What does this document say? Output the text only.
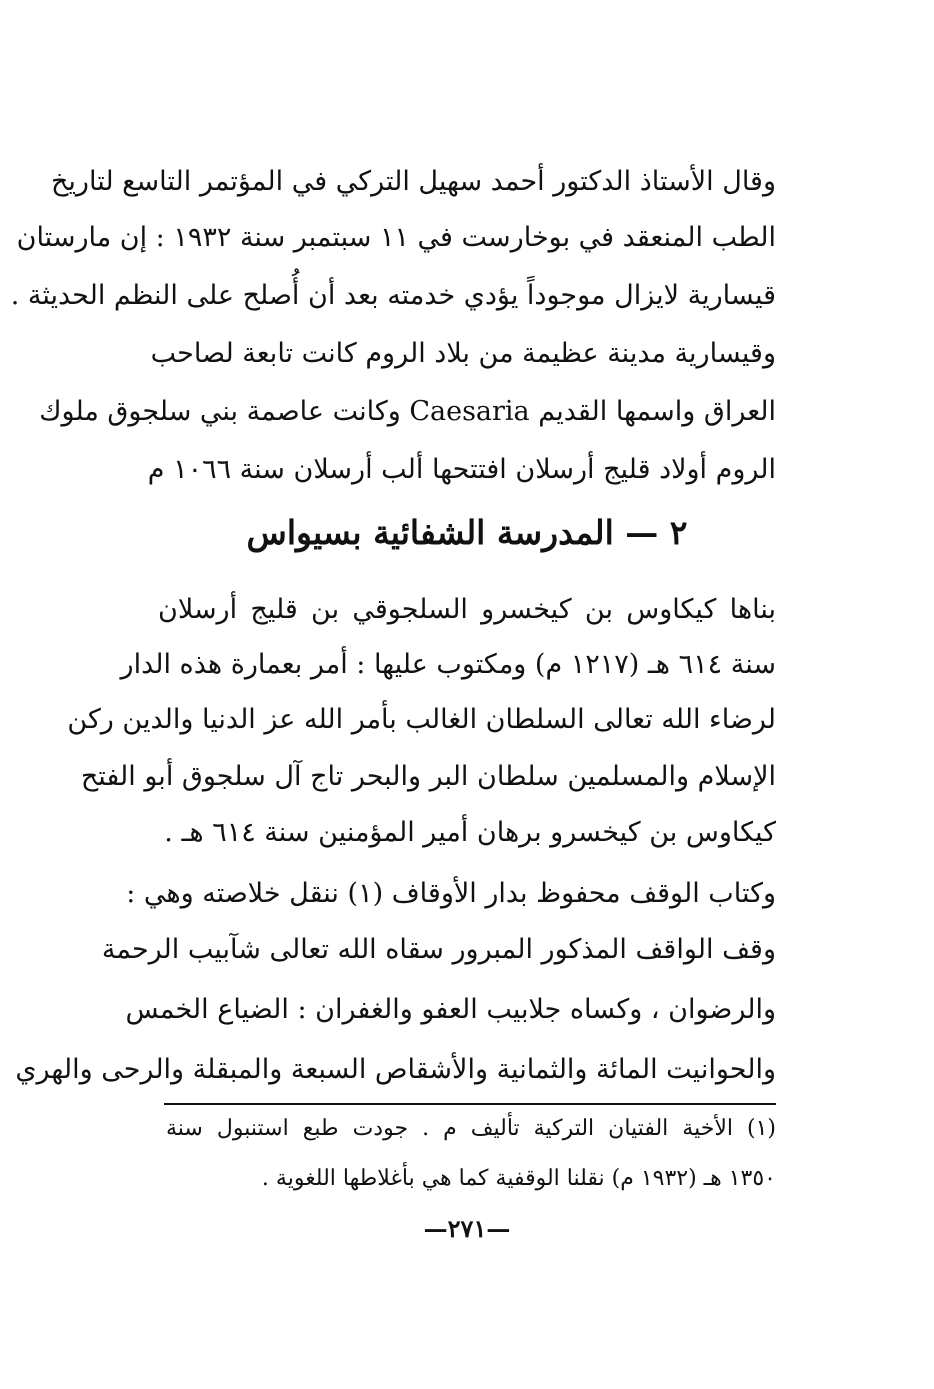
وقال الأستاذ الدكتور أحمد سهيل التركي في المؤتمر التاسع لتاريخ
الطب المنعقد في بوخارست في ١١ سبتمبر سنة ١٩٣٢ : إن مارستان
قيسارية لايزال موجوداً يؤدي خدمته بعد أن أُصلح على النظم الحديثة .
وقيسارية مدينة عظيمة من بلاد الروم كانت تابعة لصاحب
العراق واسمها القديم Caesaria وكانت عاصمة بني سلجوق ملوك
الروم أولاد قليج أرسلان افتتحها ألب أرسلان سنة ١٠٦٦ م
٢ — المدرسة الشفائية بسيواس
بناها كيكاوس بن كيخسرو السلجوقي بن قليج أرسلان
سنة ٦١٤ هـ (١٢١٧ م) ومكتوب عليها : أمر بعمارة هذه الدار
لرضاء الله تعالى السلطان الغالب بأمر الله عز الدنيا والدين ركن
الإسلام والمسلمين سلطان البر والبحر تاج آل سلجوق أبو الفتح
كيكاوس بن كيخسرو برهان أمير المؤمنين سنة ٦١٤ هـ .
وكتاب الوقف محفوظ بدار الأوقاف (١) ننقل خلاصته وهي :
وقف الواقف المذكور المبرور سقاه الله تعالى شآبيب الرحمة
والرضوان ، وكساه جلابيب العفو والغفران : الضياع الخمس
والحوانيت المائة والثمانية والأشقاص السبعة والمبقلة والرحى والهري
(١) الأخية الفتيان التركية تأليف م . جودت طبع استنبول سنة
١٣٥٠ هـ (١٩٣٢ م) نقلنا الوقفية كما هي بأغلاطها اللغوية .
—٢٧١—
